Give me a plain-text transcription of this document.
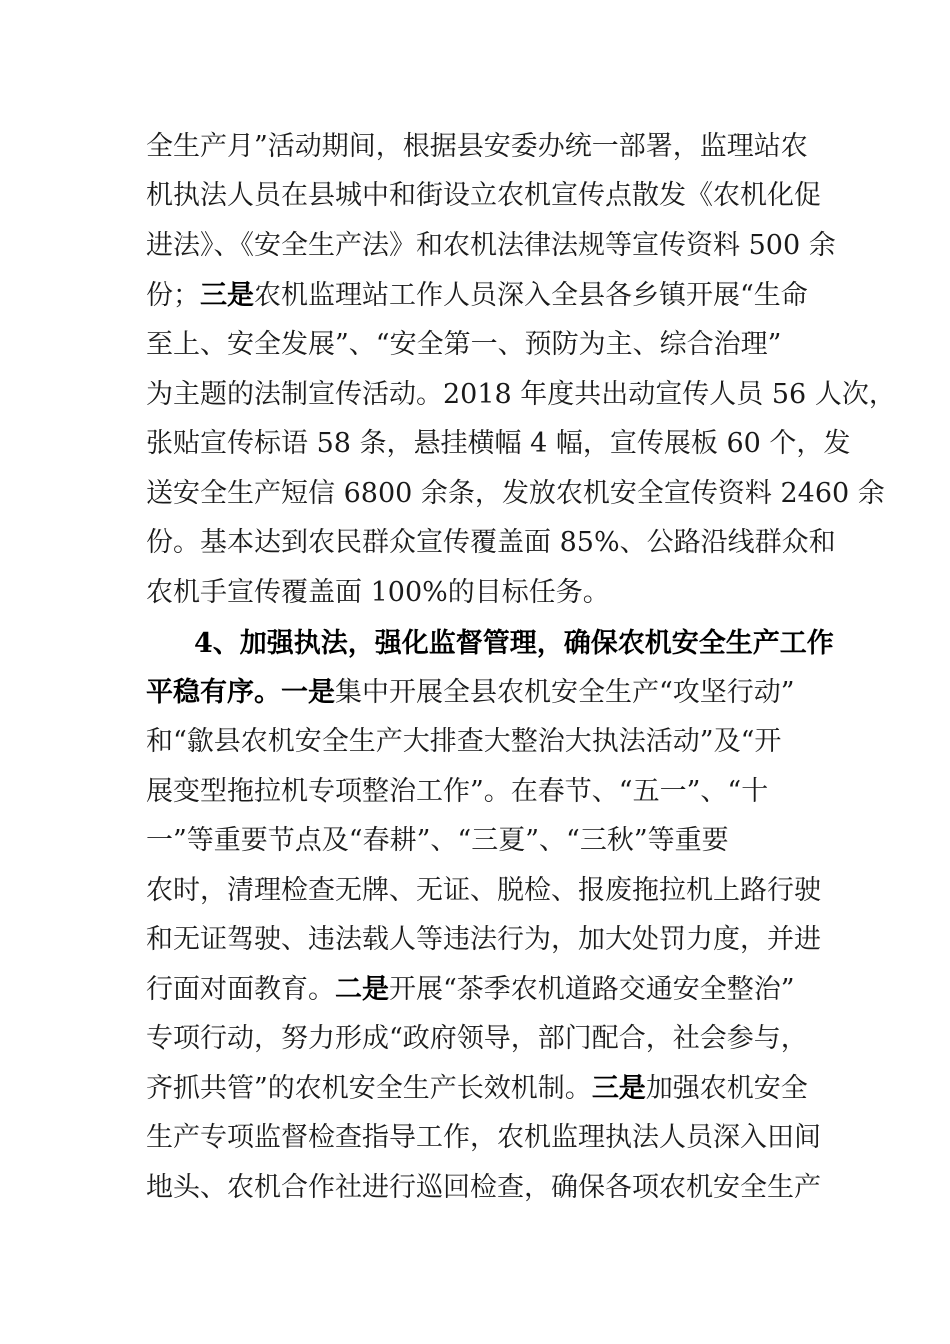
全生产月”活动期间，根据县安委办统一部署，监理站农
机执法人员在县城中和街设立农机宣传点散发《农机化促
进法》、《安全生产法》和农机法律法规等宣传资料 500 余
份；三是农机监理站工作人员深入全县各乡镇开展“生命
至上、安全发展”、“安全第一、预防为主、综合治理”
为主题的法制宣传活动。2018 年度共出动宣传人员 56 人次，
张贴宣传标语 58 条，悬挂横幅 4 幅，宣传展板 60 个，发
送安全生产短信 6800 余条，发放农机安全宣传资料 2460 余
份。基本达到农民群众宣传覆盖面 85%、公路沿线群众和
农机手宣传覆盖面 100%的目标任务。
4、加强执法，强化监督管理，确保农机安全生产工作
平稳有序。一是集中开展全县农机安全生产“攻坚行动”
和“歙县农机安全生产大排查大整治大执法活动”及“开
展变型拖拉机专项整治工作”。在春节、“五一”、“十
一”等重要节点及“春耕”、“三夏”、“三秋”等重要
农时，清理检查无牌、无证、脱检、报废拖拉机上路行驶
和无证驾驶、违法载人等违法行为，加大处罚力度，并进
行面对面教育。二是开展“茶季农机道路交通安全整治”
专项行动，努力形成“政府领导，部门配合，社会参与，
齐抓共管”的农机安全生产长效机制。三是加强农机安全
生产专项监督检查指导工作，农机监理执法人员深入田间
地头、农机合作社进行巡回检查，确保各项农机安全生产
